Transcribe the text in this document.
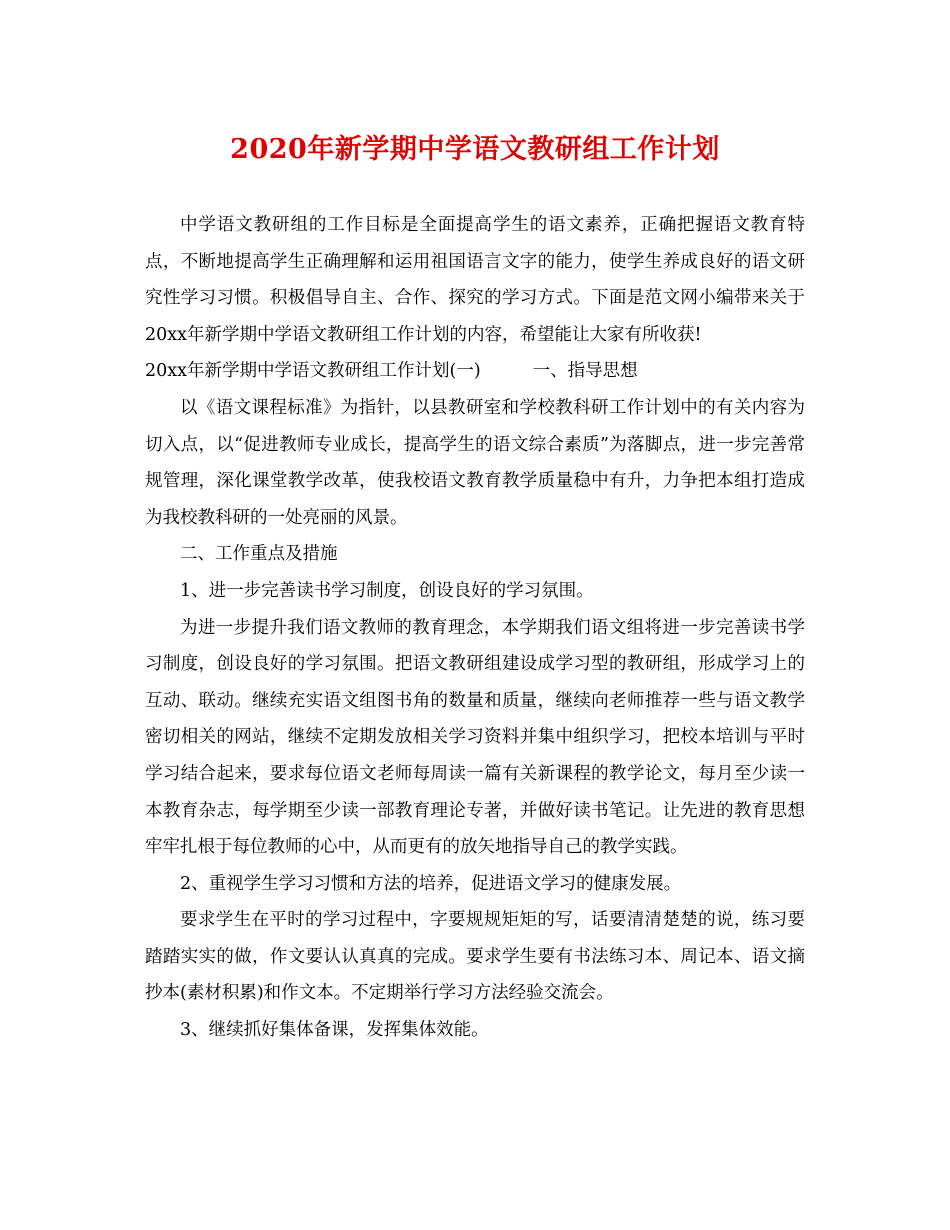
2020年新学期中学语文教研组工作计划

中学语文教研组的工作目标是全面提高学生的语文素养，正确把握语文教育特点，不断地提高学生正确理解和运用祖国语言文字的能力，使学生养成良好的语文研究性学习习惯。积极倡导自主、合作、探究的学习方式。下面是范文网小编带来关于20xx年新学期中学语文教研组工作计划的内容，希望能让大家有所收获!

20xx年新学期中学语文教研组工作计划(一)	一、指导思想

以《语文课程标准》为指针，以县教研室和学校教科研工作计划中的有关内容为切入点，以“促进教师专业成长，提高学生的语文综合素质”为落脚点，进一步完善常规管理，深化课堂教学改革，使我校语文教育教学质量稳中有升，力争把本组打造成为我校教科研的一处亮丽的风景。

二、工作重点及措施

1、进一步完善读书学习制度，创设良好的学习氛围。

为进一步提升我们语文教师的教育理念，本学期我们语文组将进一步完善读书学习制度，创设良好的学习氛围。把语文教研组建设成学习型的教研组，形成学习上的互动、联动。继续充实语文组图书角的数量和质量，继续向老师推荐一些与语文教学密切相关的网站，继续不定期发放相关学习资料并集中组织学习，把校本培训与平时学习结合起来，要求每位语文老师每周读一篇有关新课程的教学论文，每月至少读一本教育杂志，每学期至少读一部教育理论专著，并做好读书笔记。让先进的教育思想牢牢扎根于每位教师的心中，从而更有的放矢地指导自己的教学实践。

2、重视学生学习习惯和方法的培养，促进语文学习的健康发展。

要求学生在平时的学习过程中，字要规规矩矩的写，话要清清楚楚的说，练习要踏踏实实的做，作文要认认真真的完成。要求学生要有书法练习本、周记本、语文摘抄本(素材积累)和作文本。不定期举行学习方法经验交流会。

3、继续抓好集体备课，发挥集体效能。
